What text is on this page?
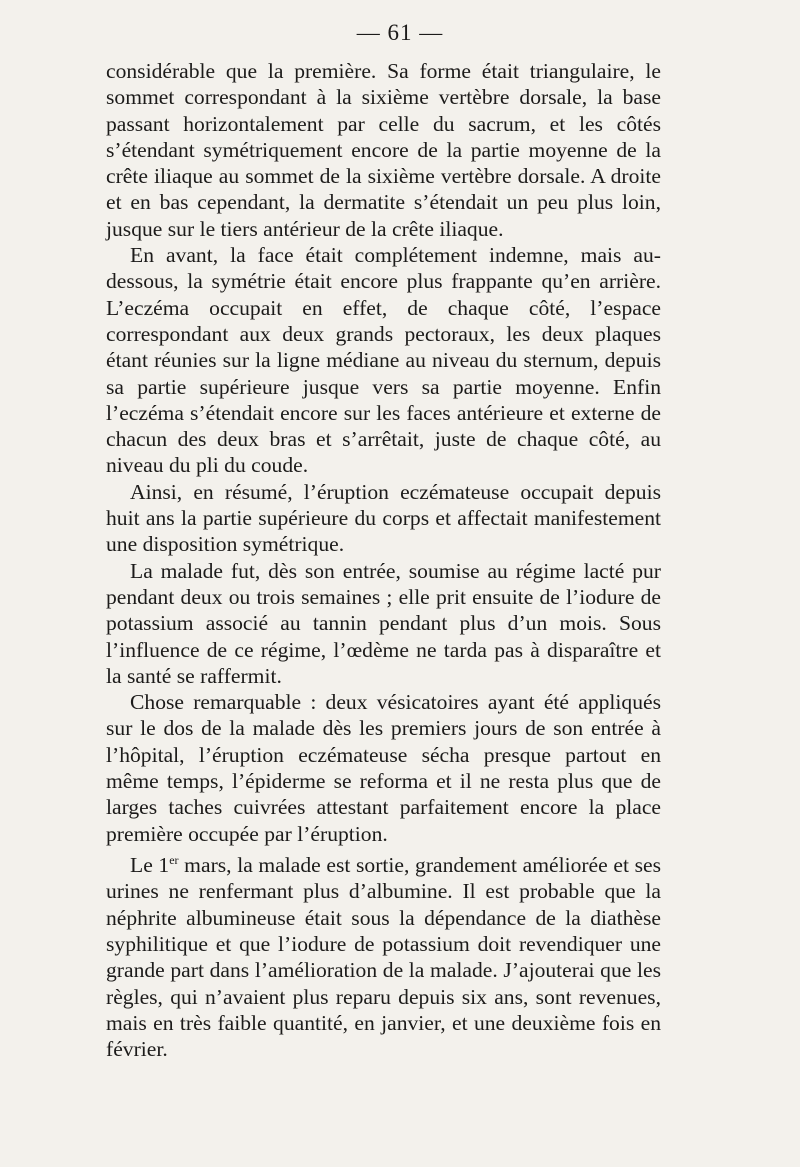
— 61 —

considérable que la première. Sa forme était triangulaire, le sommet correspondant à la sixième vertèbre dorsale, la base passant horizontalement par celle du sacrum, et les côtés s’étendant symétriquement encore de la partie moyenne de la crête iliaque au sommet de la sixième vertèbre dorsale. A droite et en bas cependant, la dermatite s’étendait un peu plus loin, jusque sur le tiers antérieur de la crête iliaque.

En avant, la face était complétement indemne, mais au-dessous, la symétrie était encore plus frappante qu’en arrière. L’eczéma occupait en effet, de chaque côté, l’espace correspondant aux deux grands pectoraux, les deux plaques étant réunies sur la ligne médiane au niveau du sternum, depuis sa partie supérieure jusque vers sa partie moyenne. Enfin l’eczéma s’étendait encore sur les faces antérieure et externe de chacun des deux bras et s’arrêtait, juste de chaque côté, au niveau du pli du coude.

Ainsi, en résumé, l’éruption eczémateuse occupait depuis huit ans la partie supérieure du corps et affectait manifestement une disposition symétrique.

La malade fut, dès son entrée, soumise au régime lacté pur pendant deux ou trois semaines ; elle prit ensuite de l’iodure de potassium associé au tannin pendant plus d’un mois. Sous l’influence de ce régime, l’œdème ne tarda pas à disparaître et la santé se raffermit.

Chose remarquable : deux vésicatoires ayant été appliqués sur le dos de la malade dès les premiers jours de son entrée à l’hôpital, l’éruption eczémateuse sécha presque partout en même temps, l’épiderme se reforma et il ne resta plus que de larges taches cuivrées attestant parfaitement encore la place première occupée par l’éruption.

Le 1er mars, la malade est sortie, grandement améliorée et ses urines ne renfermant plus d’albumine. Il est probable que la néphrite albumineuse était sous la dépendance de la diathèse syphilitique et que l’iodure de potassium doit revendiquer une grande part dans l’amélioration de la malade. J’ajouterai que les règles, qui n’avaient plus reparu depuis six ans, sont revenues, mais en très faible quantité, en janvier, et une deuxième fois en février.
